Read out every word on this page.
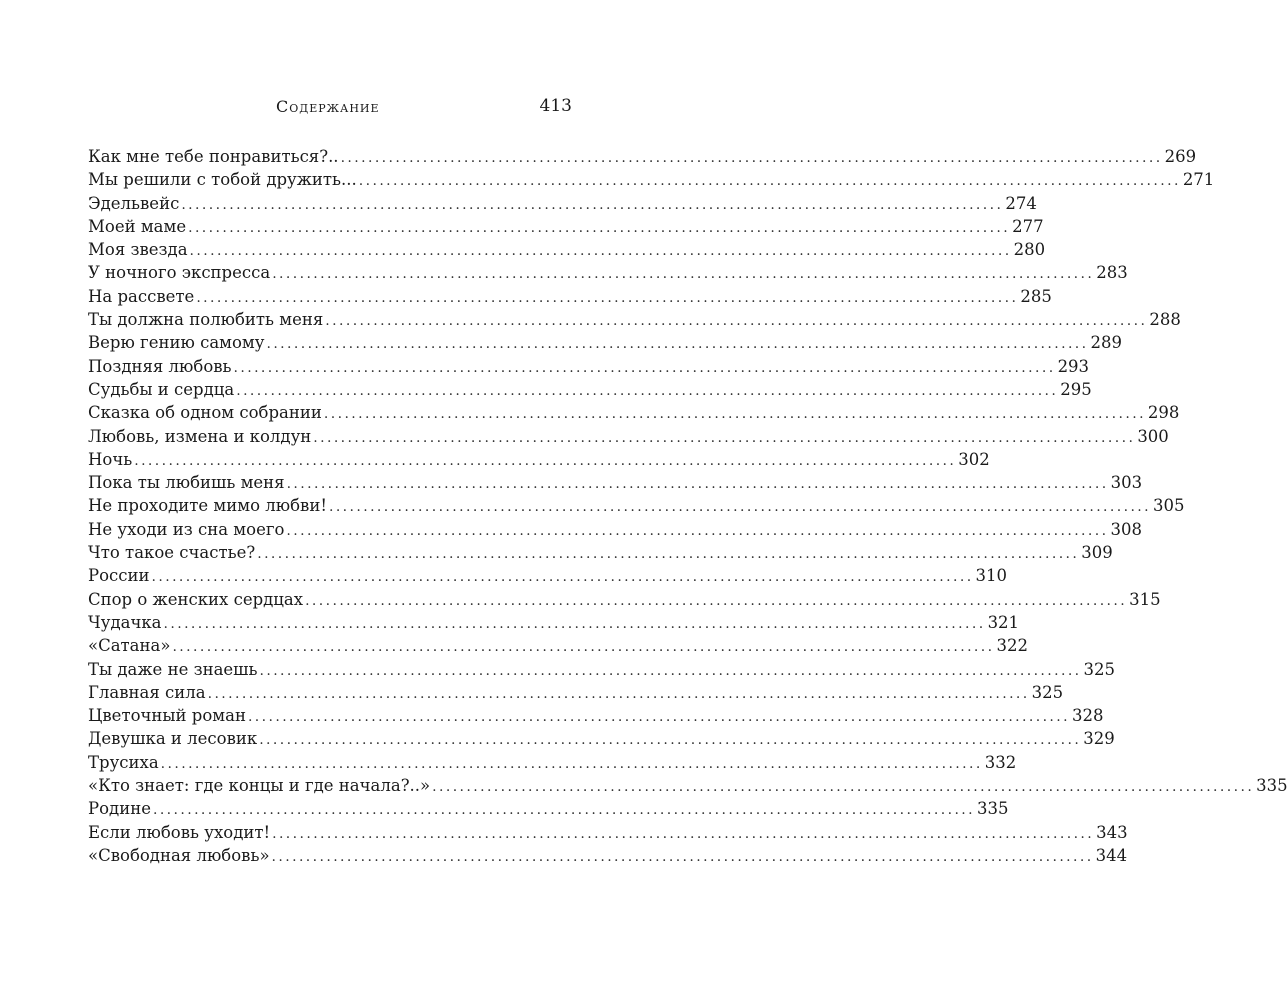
Содержание	413
Как мне тебе понравиться?.. ........................................................................................................................ 269
Мы решили с тобой дружить... ........................................................................................................................ 271
Эдельвейс ........................................................................................................................ 274
Моей маме ........................................................................................................................ 277
Моя звезда ........................................................................................................................ 280
У ночного экспресса ........................................................................................................................ 283
На рассвете ........................................................................................................................ 285
Ты должна полюбить меня ........................................................................................................................ 288
Верю гению самому ........................................................................................................................ 289
Поздняя любовь ........................................................................................................................ 293
Судьбы и сердца ........................................................................................................................ 295
Сказка об одном собрании ........................................................................................................................ 298
Любовь, измена и колдун ........................................................................................................................ 300
Ночь ........................................................................................................................ 302
Пока ты любишь меня ........................................................................................................................ 303
Не проходите мимо любви! ........................................................................................................................ 305
Не уходи из сна моего ........................................................................................................................ 308
Что такое счастье? ........................................................................................................................ 309
России ........................................................................................................................ 310
Спор о женских сердцах ........................................................................................................................ 315
Чудачка ........................................................................................................................ 321
«Сатана» ........................................................................................................................ 322
Ты даже не знаешь ........................................................................................................................ 325
Главная сила ........................................................................................................................ 325
Цветочный роман ........................................................................................................................ 328
Девушка и лесовик ........................................................................................................................ 329
Трусиха ........................................................................................................................ 332
«Кто знает: где концы и где начала?..» ........................................................................................................................ 335
Родине ........................................................................................................................ 335
Если любовь уходит! ........................................................................................................................ 343
«Свободная любовь» ........................................................................................................................ 344
